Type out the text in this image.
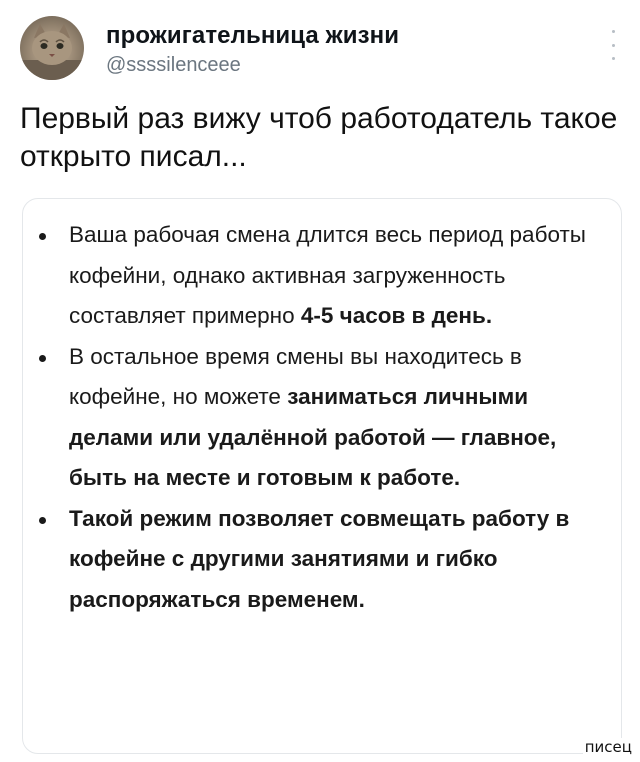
прожигательница жизни
@ssssilenceee
Первый раз вижу чтоб работодатель такое открыто писал...
Ваша рабочая смена длится весь период работы кофейни, однако активная загруженность составляет примерно 4-5 часов в день.
В остальное время смены вы находитесь в кофейне, но можете заниматься личными делами или удалённой работой — главное, быть на месте и готовым к работе.
Такой режим позволяет совмещать работу в кофейне с другими занятиями и гибко распоряжаться временем.
писец
